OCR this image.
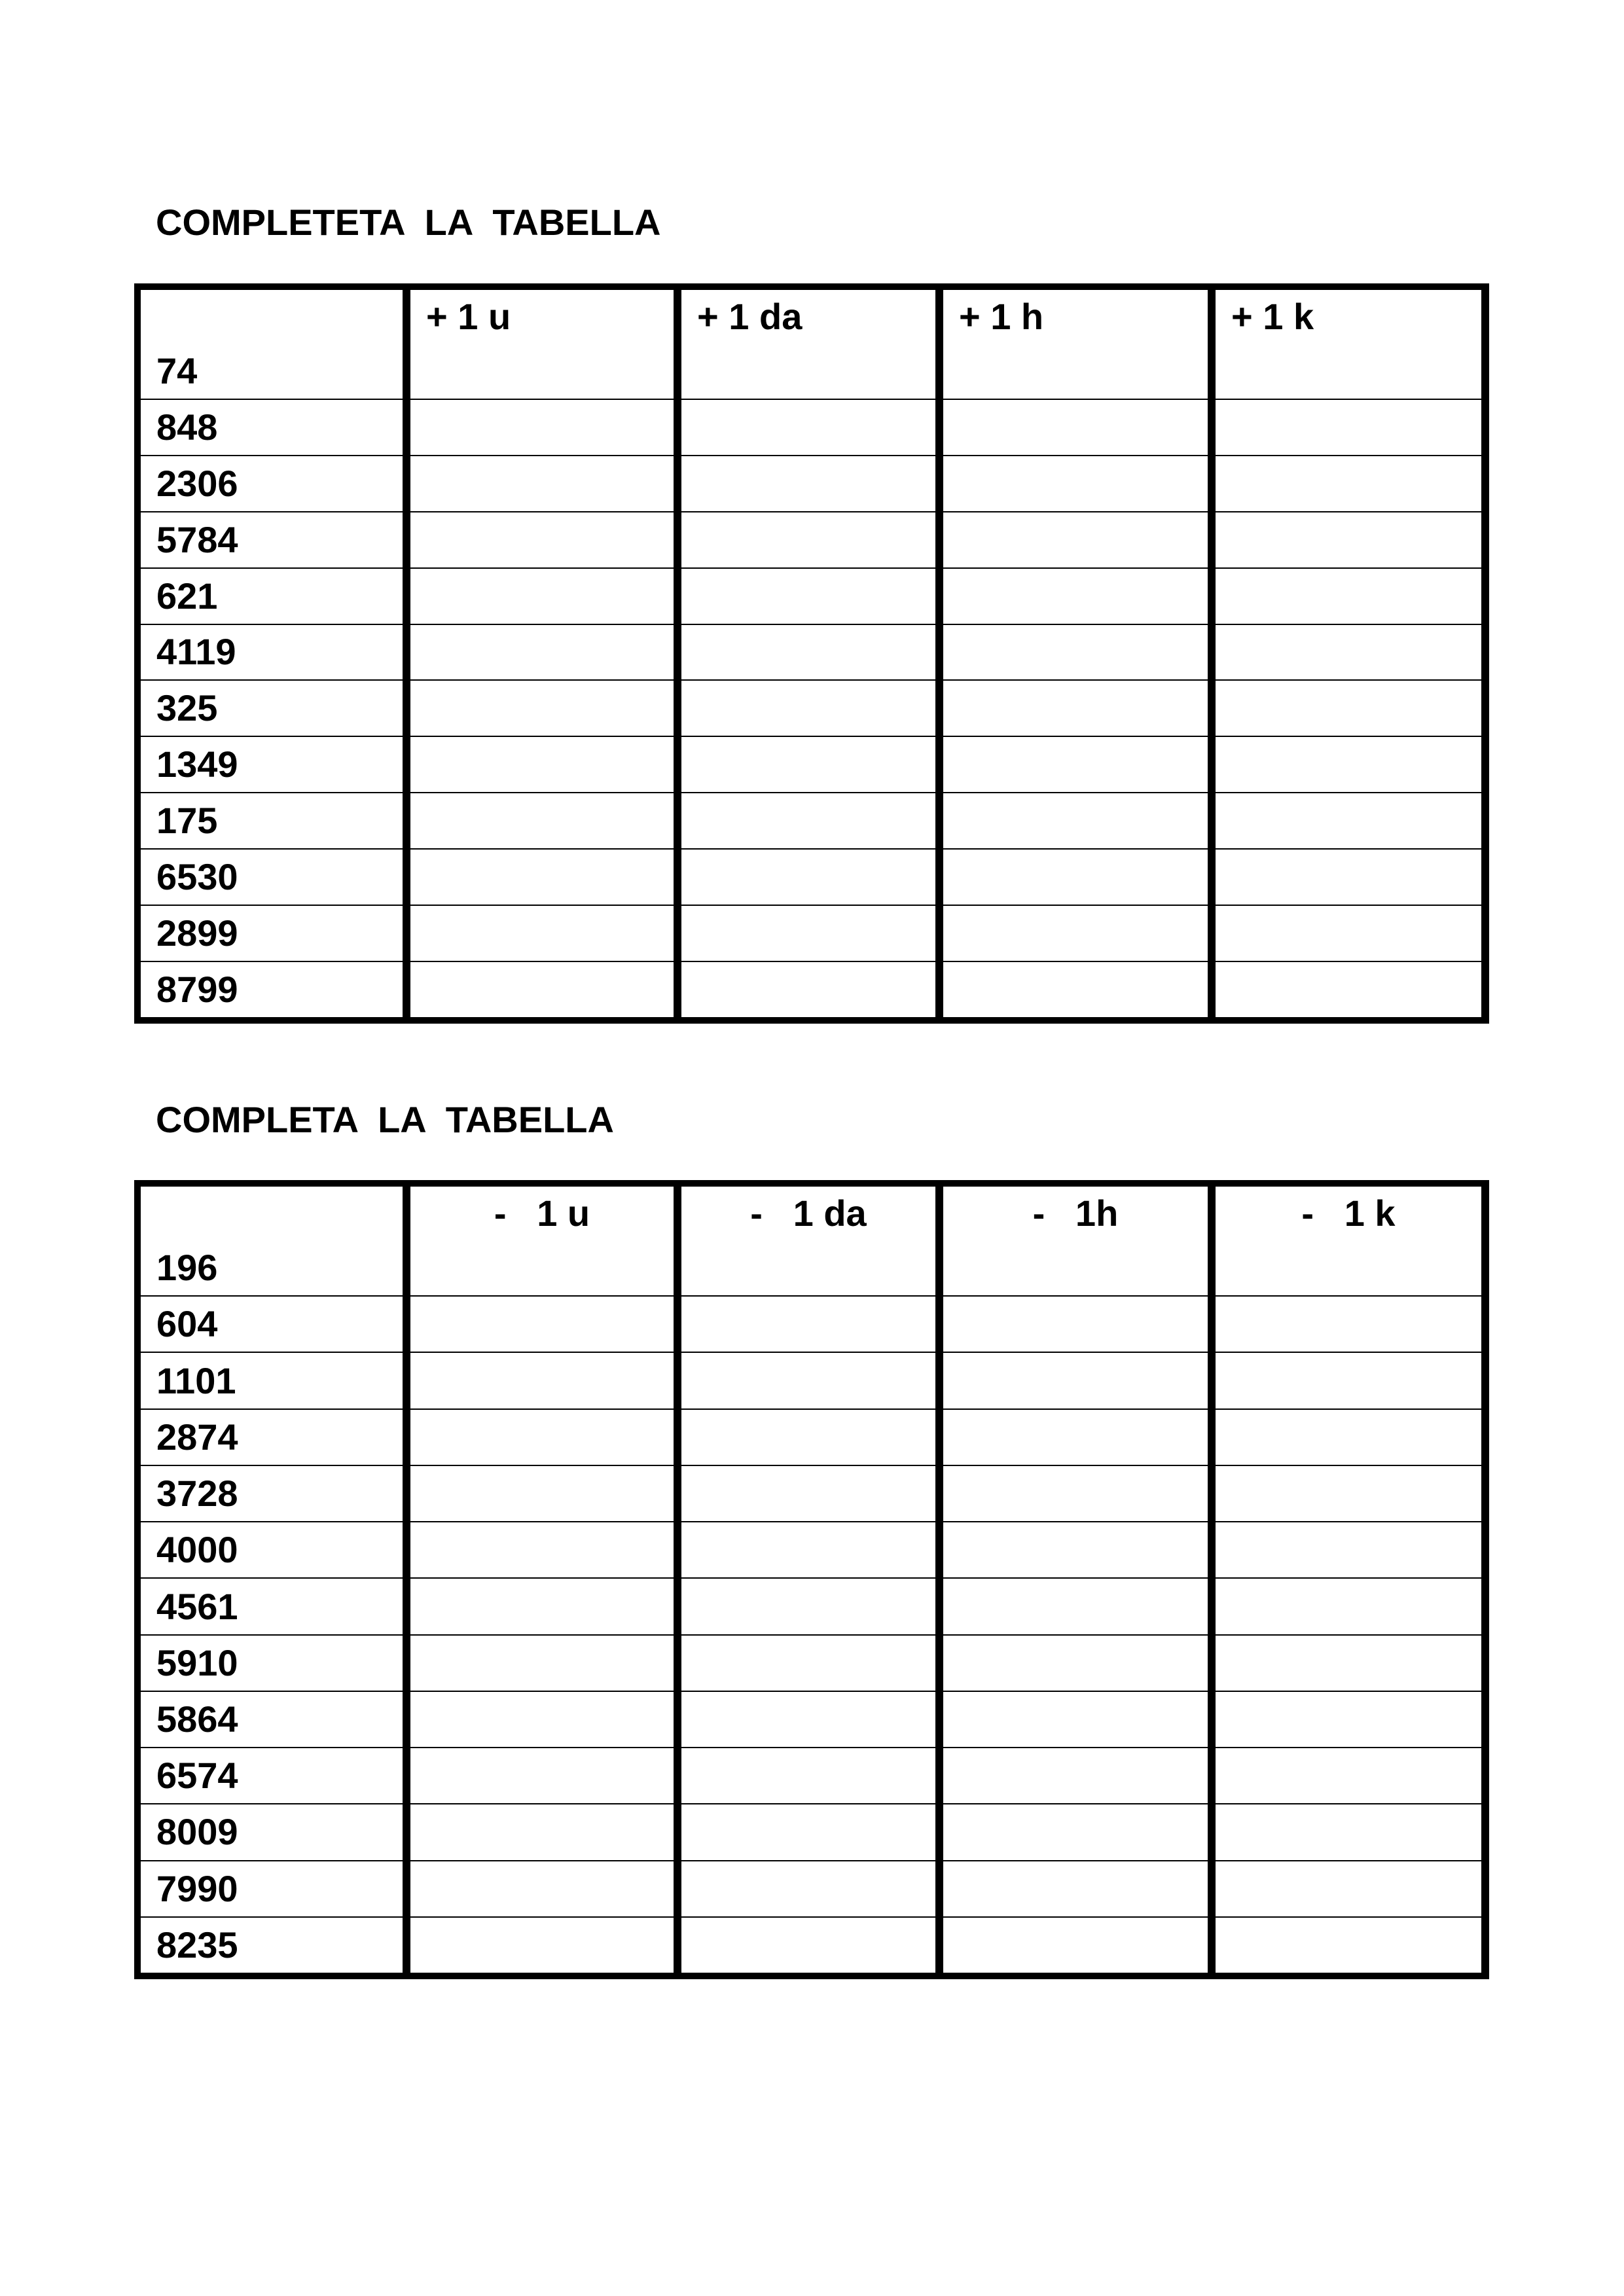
COMPLETETA  LA  TABELLA
	+ 1 u	+ 1 da	+ 1 h	+ 1 k
74				
848				
2306				
5784				
621				
4119				
325				
1349				
175				
6530				
2899				
8799				
COMPLETA  LA  TABELLA
	-   1 u	-   1 da	-   1h	-   1 k
196				
604				
1101				
2874				
3728				
4000				
4561				
5910				
5864				
6574				
8009				
7990				
8235				
